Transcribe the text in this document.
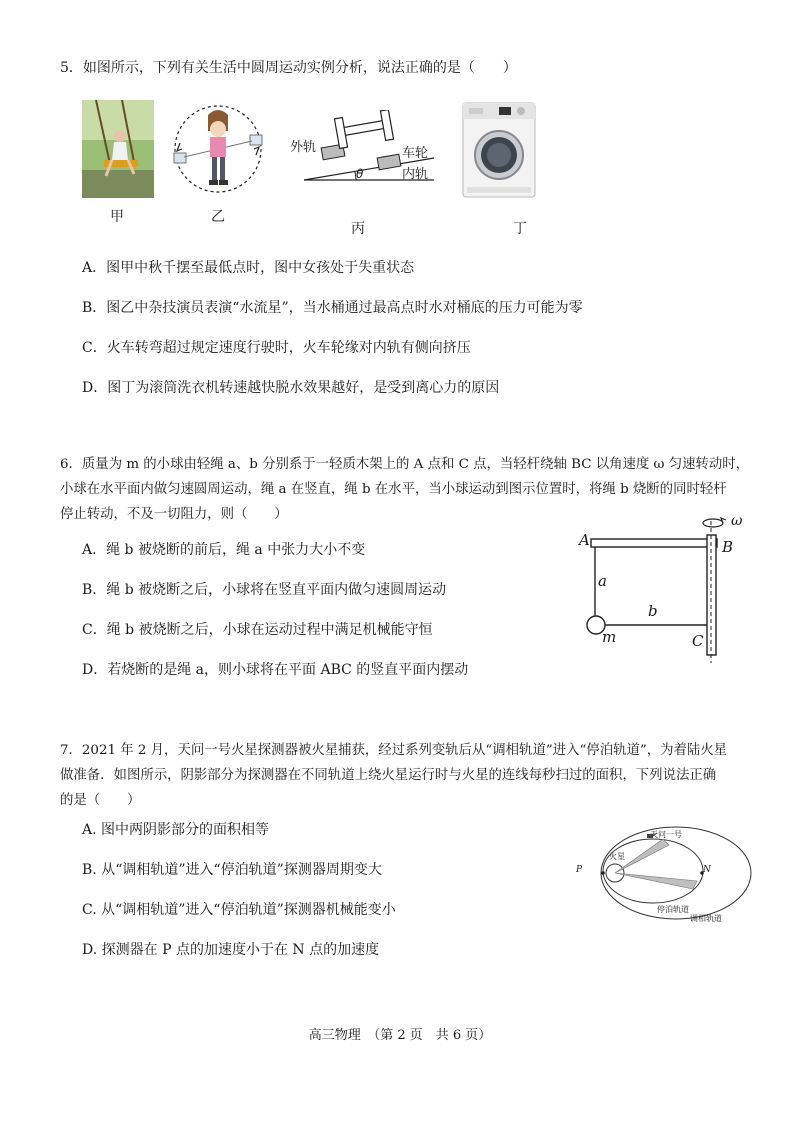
5．如图所示，下列有关生活中圆周运动实例分析，说法正确的是（　　）
甲	乙
外轨	车轮
内轨
θ
丙	丁
A．图甲中秋千摆至最低点时，图中女孩处于失重状态
B．图乙中杂技演员表演“水流星”，当水桶通过最高点时水对桶底的压力可能为零
C．火车转弯超过规定速度行驶时，火车轮缘对内轨有侧向挤压
D．图丁为滚筒洗衣机转速越快脱水效果越好，是受到离心力的原因
6．质量为 m 的小球由轻绳 a、b 分别系于一轻质木架上的 A 点和 C 点，当轻杆绕轴 BC 以角速度 ω 匀速转动时，
小球在水平面内做匀速圆周运动，绳 a 在竖直，绳 b 在水平，当小球运动到图示位置时，将绳 b 烧断的同时轻杆
停止转动，不及一切阻力，则（　　）
A．绳 b 被烧断的前后，绳 a 中张力大小不变
B．绳 b 被烧断之后，小球将在竖直平面内做匀速圆周运动
C．绳 b 被烧断之后，小球在运动过程中满足机械能守恒
D．若烧断的是绳 a，则小球将在平面 ABC 的竖直平面内摆动
A	B
C
a
b
m
ω
7．2021 年 2 月，天问一号火星探测器被火星捕获，经过系列变轨后从“调相轨道”进入“停泊轨道”，为着陆火星
做准备．如图所示，阴影部分为探测器在不同轨道上绕火星运行时与火星的连线每秒扫过的面积，下列说法正确
的是（　　）
A. 图中两阴影部分的面积相等
B. 从“调相轨道”进入“停泊轨道”探测器周期变大
C. 从“调相轨道”进入“停泊轨道”探测器机械能变小
D. 探测器在 P 点的加速度小于在 N 点的加速度
P	N
火星
天问一号
停泊轨道
调相轨道
高三物理　（第 2 页　共 6 页）
